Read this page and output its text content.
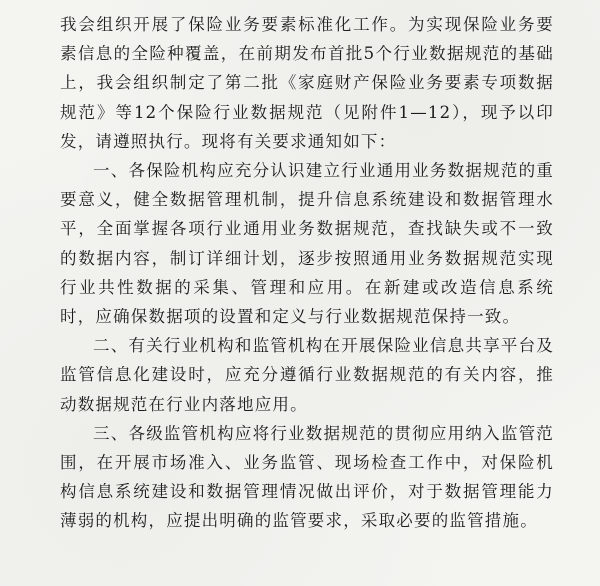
我会组织开展了保险业务要素标准化工作。为实现保险业务要素信息的全险种覆盖，在前期发布首批5个行业数据规范的基础上，我会组织制定了第二批《家庭财产保险业务要素专项数据规范》等12个保险行业数据规范（见附件1—12），现予以印发，请遵照执行。现将有关要求通知如下：

一、各保险机构应充分认识建立行业通用业务数据规范的重要意义，健全数据管理机制，提升信息系统建设和数据管理水平，全面掌握各项行业通用业务数据规范，查找缺失或不一致的数据内容，制订详细计划，逐步按照通用业务数据规范实现行业共性数据的采集、管理和应用。在新建或改造信息系统时，应确保数据项的设置和定义与行业数据规范保持一致。

二、有关行业机构和监管机构在开展保险业信息共享平台及监管信息化建设时，应充分遵循行业数据规范的有关内容，推动数据规范在行业内落地应用。

三、各级监管机构应将行业数据规范的贯彻应用纳入监管范围，在开展市场准入、业务监管、现场检查工作中，对保险机构信息系统建设和数据管理情况做出评价，对于数据管理能力薄弱的机构，应提出明确的监管要求，采取必要的监管措施。
